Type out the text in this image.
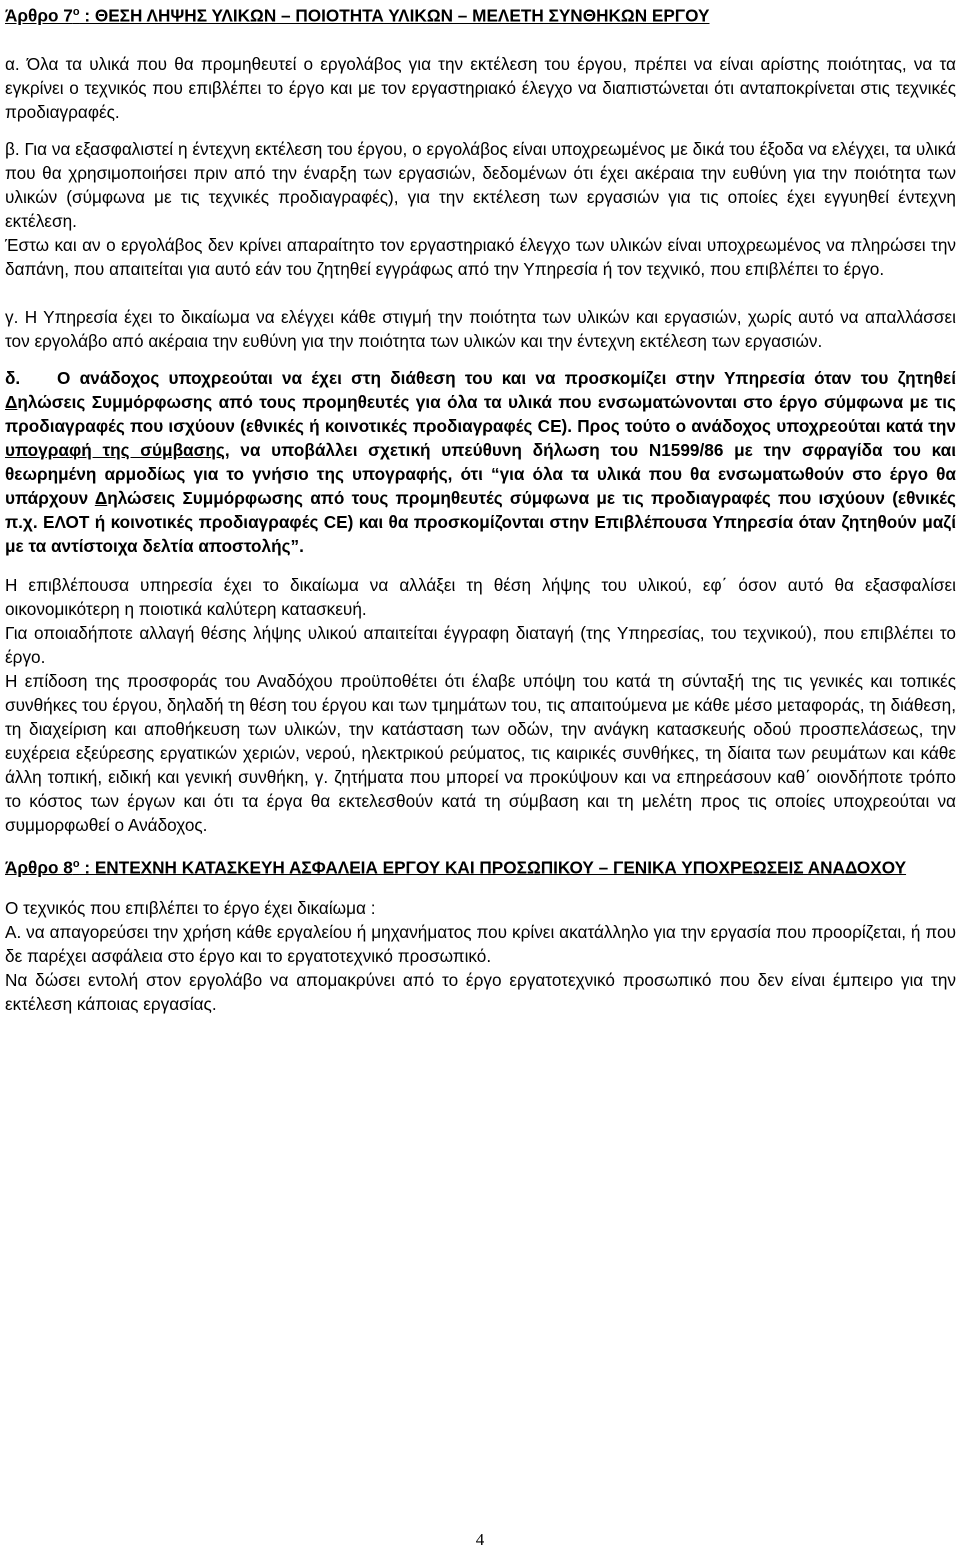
Άρθρο $7^o$ : ΘΕΣΗ ΛΗΨΗΣ ΥΛΙΚΩΝ – ΠΟΙΟΤΗΤΑ ΥΛΙΚΩΝ – ΜΕΛΕΤΗ ΣΥΝΘΗΚΩΝ ΕΡΓΟΥ

α. Όλα τα υλικά που θα προμηθευτεί ο εργολάβος για την εκτέλεση του έργου, πρέπει να είναι αρίστης ποιότητας, να τα εγκρίνει ο τεχνικός που επιβλέπει το έργο και με τον εργαστηριακό έλεγχο να διαπιστώνεται ότι ανταποκρίνεται στις τεχνικές προδιαγραφές.

β. Για να εξασφαλιστεί η έντεχνη εκτέλεση του έργου, ο εργολάβος είναι υποχρεωμένος με δικά του έξοδα να ελέγχει, τα υλικά που θα χρησιμοποιήσει πριν από την έναρξη των εργασιών, δεδομένων ότι έχει ακέραια την ευθύνη για την ποιότητα των υλικών (σύμφωνα με τις τεχνικές προδιαγραφές), για την εκτέλεση των εργασιών για τις οποίες έχει εγγυηθεί έντεχνη εκτέλεση.

Έστω και αν ο εργολάβος δεν κρίνει απαραίτητο τον εργαστηριακό έλεγχο των υλικών είναι υποχρεωμένος να πληρώσει την δαπάνη, που απαιτείται για αυτό εάν του ζητηθεί εγγράφως από την Υπηρεσία ή τον τεχνικό, που επιβλέπει το έργο.

γ. Η Υπηρεσία έχει το δικαίωμα να ελέγχει κάθε στιγμή την ποιότητα των υλικών και εργασιών, χωρίς αυτό να απαλλάσσει τον εργολάβο από ακέραια την ευθύνη για την ποιότητα των υλικών και την έντεχνη εκτέλεση των εργασιών.

δ. Ο ανάδοχος υποχρεούται να έχει στη διάθεση του και να προσκομίζει στην Υπηρεσία όταν του ζητηθεί Δηλώσεις Συμμόρφωσης από τους προμηθευτές για όλα τα υλικά που ενσωματώνονται στο έργο σύμφωνα με τις προδιαγραφές που ισχύουν (εθνικές ή κοινοτικές προδιαγραφές CE). Προς τούτο ο ανάδοχος υποχρεούται κατά την υπογραφή της σύμβασης, να υποβάλλει σχετική υπεύθυνη δήλωση του Ν1599/86 με την σφραγίδα του και θεωρημένη αρμοδίως για το γνήσιο της υπογραφής, ότι “για όλα τα υλικά που θα ενσωματωθούν στο έργο θα υπάρχουν Δηλώσεις Συμμόρφωσης από τους προμηθευτές σύμφωνα με τις προδιαγραφές που ισχύουν (εθνικές π.χ. ΕΛΟΤ ή κοινοτικές προδιαγραφές CE) και θα προσκομίζονται στην Επιβλέπουσα Υπηρεσία όταν ζητηθούν μαζί με τα αντίστοιχα δελτία αποστολής”.

Η επιβλέπουσα υπηρεσία έχει το δικαίωμα να αλλάξει τη θέση λήψης του υλικού, εφ΄ όσον αυτό θα εξασφαλίσει οικονομικότερη η ποιοτικά καλύτερη κατασκευή.

Για οποιαδήποτε αλλαγή θέσης λήψης υλικού απαιτείται έγγραφη διαταγή (της Υπηρεσίας, του τεχνικού), που επιβλέπει το έργο.

Η επίδοση της προσφοράς του Αναδόχου προϋποθέτει ότι έλαβε υπόψη του κατά τη σύνταξή της τις γενικές και τοπικές συνθήκες του έργου, δηλαδή τη θέση του έργου και των τμημάτων του, τις απαιτούμενα με κάθε μέσο μεταφοράς, τη διάθεση, τη διαχείριση και αποθήκευση των υλικών, την κατάσταση των οδών, την ανάγκη κατασκευής οδού προσπελάσεως, την ευχέρεια εξεύρεσης εργατικών χεριών, νερού, ηλεκτρικού ρεύματος, τις καιρικές συνθήκες, τη δίαιτα των ρευμάτων και κάθε άλλη τοπική, ειδική και γενική συνθήκη, γ. ζητήματα που μπορεί να προκύψουν και να επηρεάσουν καθ΄ οιονδήποτε τρόπο το κόστος των έργων και ότι τα έργα θα εκτελεσθούν κατά τη σύμβαση και τη μελέτη προς τις οποίες υποχρεούται να συμμορφωθεί ο Ανάδοχος.

Άρθρο $8^o$ : ΕΝΤΕΧΝΗ ΚΑΤΑΣΚΕΥΗ ΑΣΦΑΛΕΙΑ ΕΡΓΟΥ ΚΑΙ ΠΡΟΣΩΠΙΚΟΥ – ΓΕΝΙΚΑ ΥΠΟΧΡΕΩΣΕΙΣ ΑΝΑΔΟΧΟΥ

Ο τεχνικός που επιβλέπει το έργο έχει δικαίωμα :

Α. να απαγορεύσει την χρήση κάθε εργαλείου ή μηχανήματος που κρίνει ακατάλληλο για την εργασία που προορίζεται, ή που δε παρέχει ασφάλεια στο έργο και το εργατοτεχνικό προσωπικό.

Να δώσει εντολή στον εργολάβο να απομακρύνει από το έργο εργατοτεχνικό προσωπικό που δεν είναι έμπειρο για την εκτέλεση κάποιας εργασίας.

4
